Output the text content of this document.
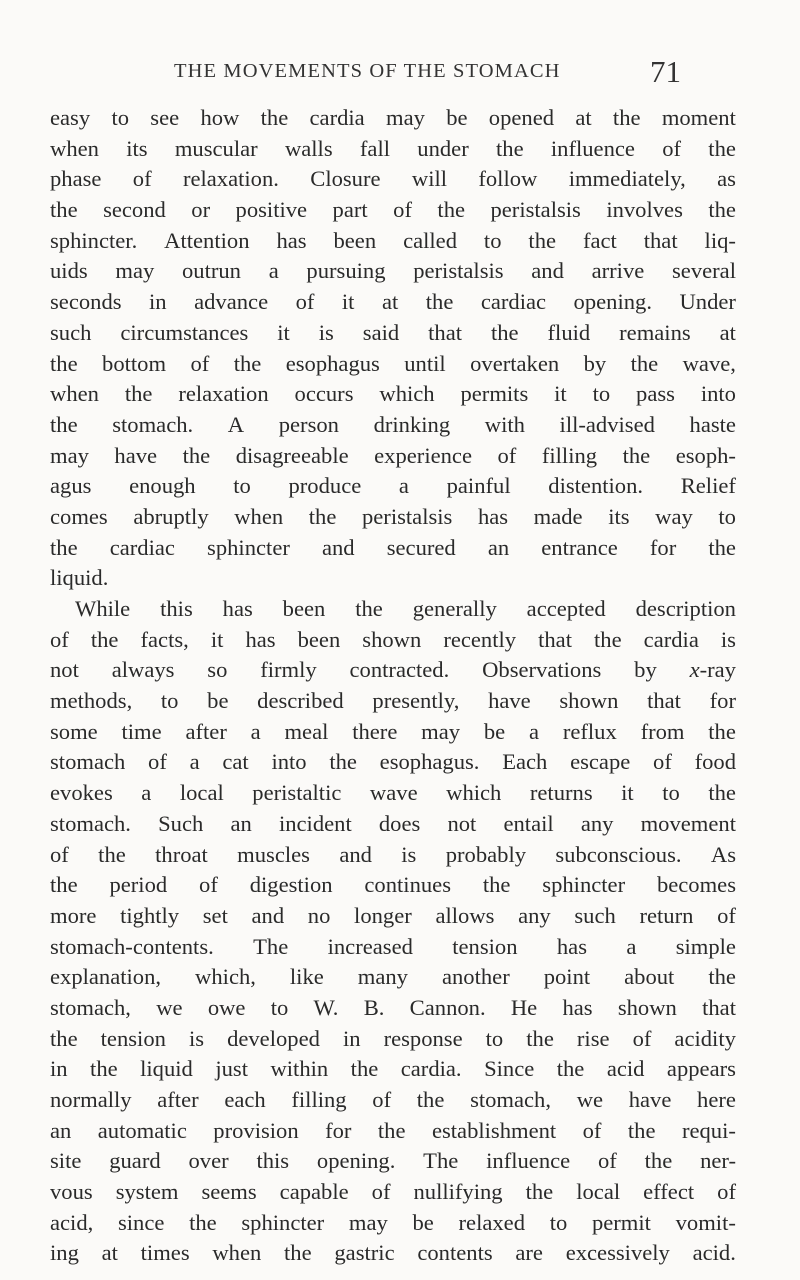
THE MOVEMENTS OF THE STOMACH	71
easy to see how the cardia may be opened at the moment
when its muscular walls fall under the influence of the
phase of relaxation. Closure will follow immediately, as
the second or positive part of the peristalsis involves the
sphincter. Attention has been called to the fact that liq-
uids may outrun a pursuing peristalsis and arrive several
seconds in advance of it at the cardiac opening. Under
such circumstances it is said that the fluid remains at
the bottom of the esophagus until overtaken by the wave,
when the relaxation occurs which permits it to pass into
the stomach. A person drinking with ill-advised haste
may have the disagreeable experience of filling the esoph-
agus enough to produce a painful distention. Relief
comes abruptly when the peristalsis has made its way to
the cardiac sphincter and secured an entrance for the
liquid.
While this has been the generally accepted description
of the facts, it has been shown recently that the cardia is
not always so firmly contracted. Observations by x-ray
methods, to be described presently, have shown that for
some time after a meal there may be a reflux from the
stomach of a cat into the esophagus. Each escape of food
evokes a local peristaltic wave which returns it to the
stomach. Such an incident does not entail any movement
of the throat muscles and is probably subconscious. As
the period of digestion continues the sphincter becomes
more tightly set and no longer allows any such return of
stomach-contents. The increased tension has a simple
explanation, which, like many another point about the
stomach, we owe to W. B. Cannon. He has shown that
the tension is developed in response to the rise of acidity
in the liquid just within the cardia. Since the acid appears
normally after each filling of the stomach, we have here
an automatic provision for the establishment of the requi-
site guard over this opening. The influence of the ner-
vous system seems capable of nullifying the local effect of
acid, since the sphincter may be relaxed to permit vomit-
ing at times when the gastric contents are excessively acid.
